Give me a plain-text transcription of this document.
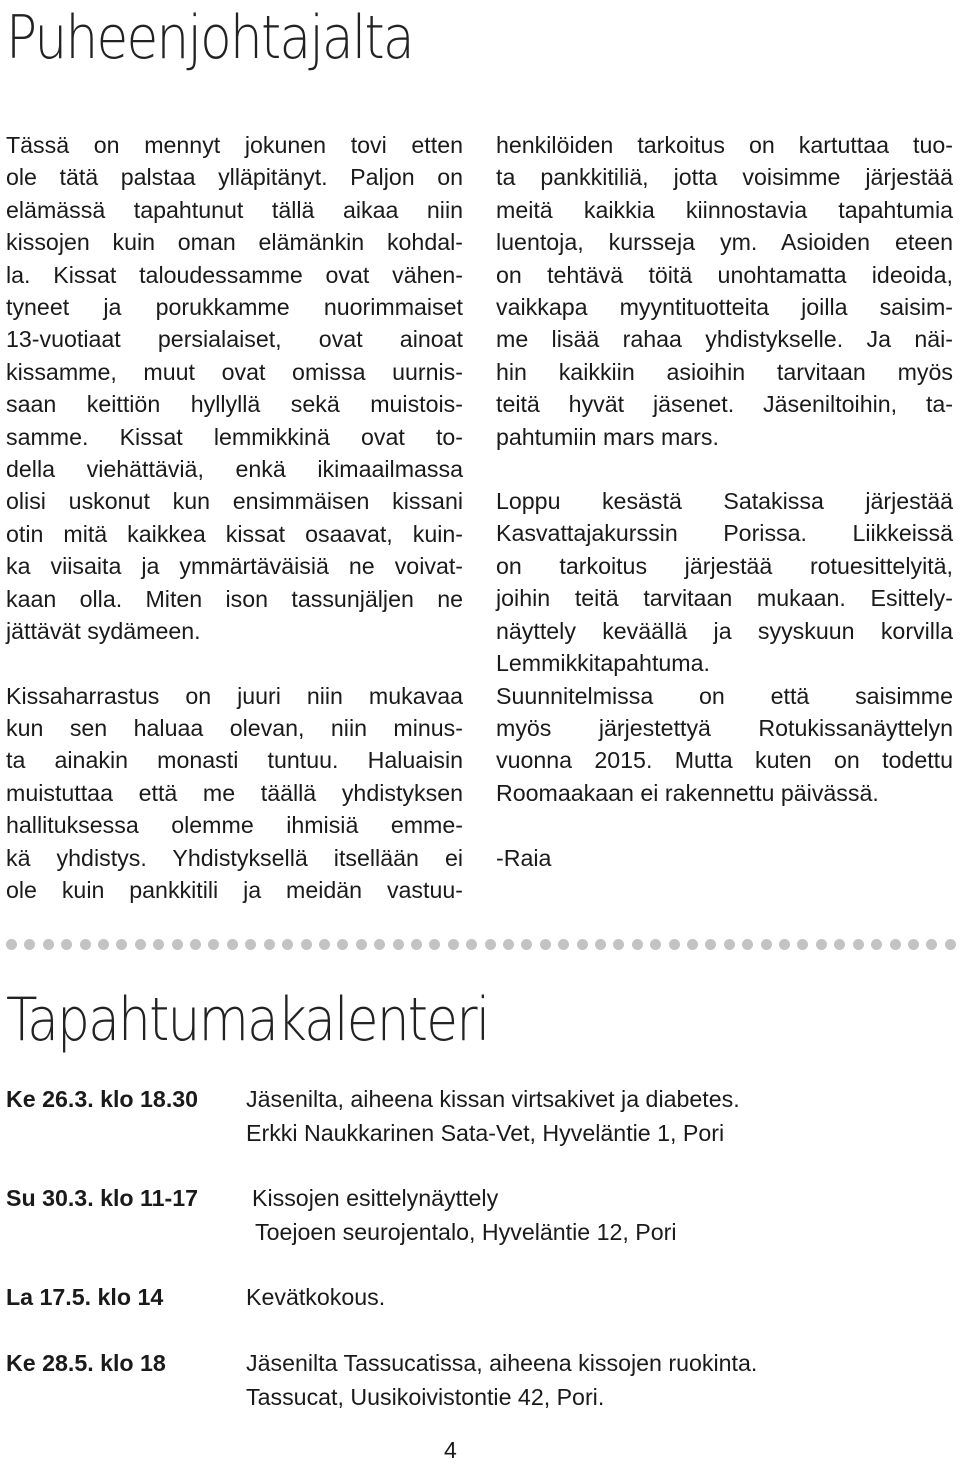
Puheenjohtajalta

Tässä on mennyt jokunen tovi etten
ole tätä palstaa ylläpitänyt. Paljon on
elämässä tapahtunut tällä aikaa niin
kissojen kuin oman elämänkin kohdal-
la. Kissat taloudessamme ovat vähen-
tyneet ja porukkamme nuorimmaiset
13-vuotiaat persialaiset, ovat ainoat
kissamme, muut ovat omissa uurnis-
saan keittiön hyllyllä sekä muistois-
samme. Kissat lemmikkinä ovat to-
della viehättäviä, enkä ikimaailmassa
olisi uskonut kun ensimmäisen kissani
otin mitä kaikkea kissat osaavat, kuin-
ka viisaita ja ymmärtäväisiä ne voivat-
kaan olla. Miten ison tassunjäljen ne
jättävät sydämeen.

Kissaharrastus on juuri niin mukavaa
kun sen haluaa olevan, niin minus-
ta ainakin monasti tuntuu. Haluaisin
muistuttaa että me täällä yhdistyksen
hallituksessa olemme ihmisiä emme-
kä yhdistys. Yhdistyksellä itsellään ei
ole kuin pankkitili ja meidän vastuu-

henkilöiden tarkoitus on kartuttaa tuo-
ta pankkitiliä, jotta voisimme järjestää
meitä kaikkia kiinnostavia tapahtumia
luentoja, kursseja ym. Asioiden eteen
on tehtävä töitä unohtamatta ideoida,
vaikkapa myyntituotteita joilla saisim-
me lisää rahaa yhdistykselle. Ja näi-
hin kaikkiin asioihin tarvitaan myös
teitä hyvät jäsenet. Jäseniltoihin, ta-
pahtumiin mars mars.

Loppu kesästä Satakissa järjestää
Kasvattajakurssin Porissa. Liikkeissä
on tarkoitus järjestää rotuesittelyitä,
joihin teitä tarvitaan mukaan. Esittely-
näyttely keväällä ja syyskuun korvilla
Lemmikkitapahtuma.

Suunnitelmissa on että saisimme
myös järjestettyä Rotukissanäyttelyn
vuonna 2015. Mutta kuten on todettu
Roomaakaan ei rakennettu päivässä.

-Raia

Tapahtumakalenteri
Ke 26.3. klo 18.30 Jäsenilta, aiheena kissan virtsakivet ja diabetes.
Erkki Naukkarinen Sata-Vet, Hyveläntie 1, Pori
Su 30.3. klo 11-17 Kissojen esittelynäyttely
Toejoen seurojentalo, Hyveläntie 12, Pori
La 17.5. klo 14	Kevätkokous.
Ke 28.5. klo 18	Jäsenilta Tassucatissa, aiheena kissojen ruokinta.
Tassucat, Uusikoivistontie 42, Pori.
4
